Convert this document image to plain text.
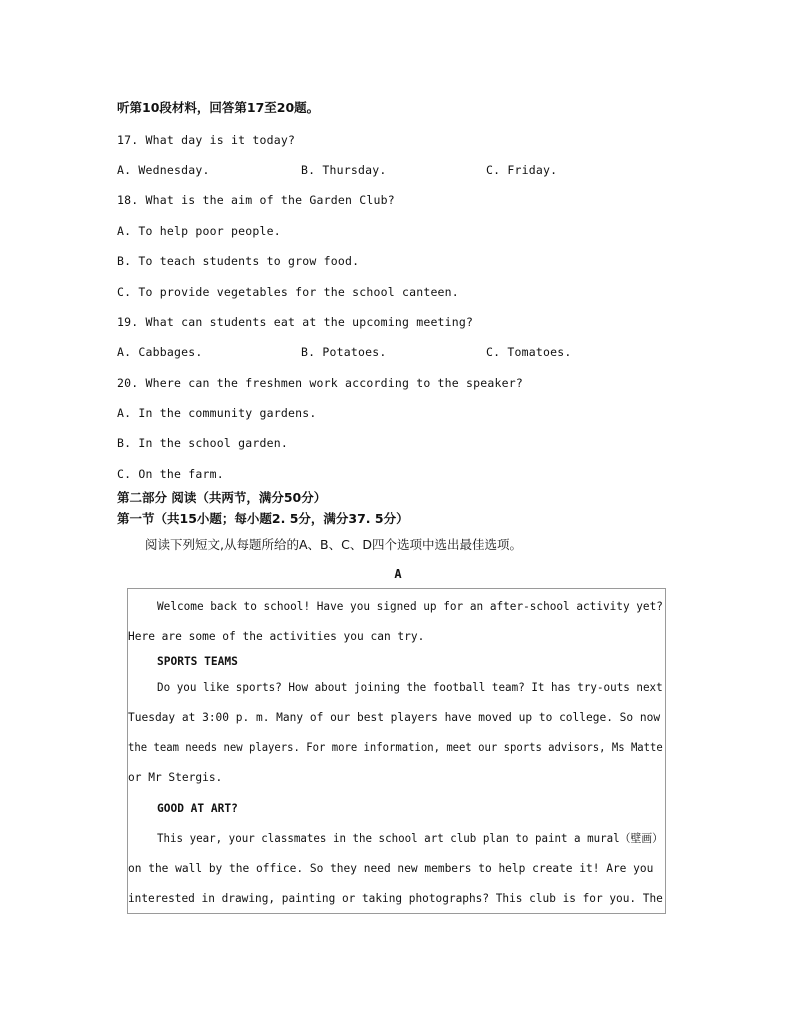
听第10段材料，回答第17至20题。
17. What day is it today?
A. Wednesday.	B. Thursday.	C. Friday.
18. What is the aim of the Garden Club?
A. To help poor people.
B. To teach students to grow food.
C. To provide vegetables for the school canteen.
19. What can students eat at the upcoming meeting?
A. Cabbages.	B. Potatoes.	C. Tomatoes.
20. Where can the freshmen work according to the speaker?
A. In the community gardens.
B. In the school garden.
C. On the farm.
第二部分 阅读（共两节，满分50分）
第一节（共15小题；每小题2. 5分，满分37. 5分）
阅读下列短文,从每题所给的A、B、C、D四个选项中选出最佳选项。
A
Welcome back to school! Have you signed up for an after-school activity yet?
Here are some of the activities you can try.
SPORTS TEAMS
Do you like sports? How about joining the football team? It has try-outs next
Tuesday at 3:00 p. m. Many of our best players have moved up to college. So now
the team needs new players. For more information, meet our sports advisors, Ms Matte
or Mr Stergis.
GOOD AT ART?
This year, your classmates in the school art club plan to paint a mural（壁画）
on the wall by the office. So they need new members to help create it! Are you
interested in drawing, painting or taking photographs? This club is for you. The
